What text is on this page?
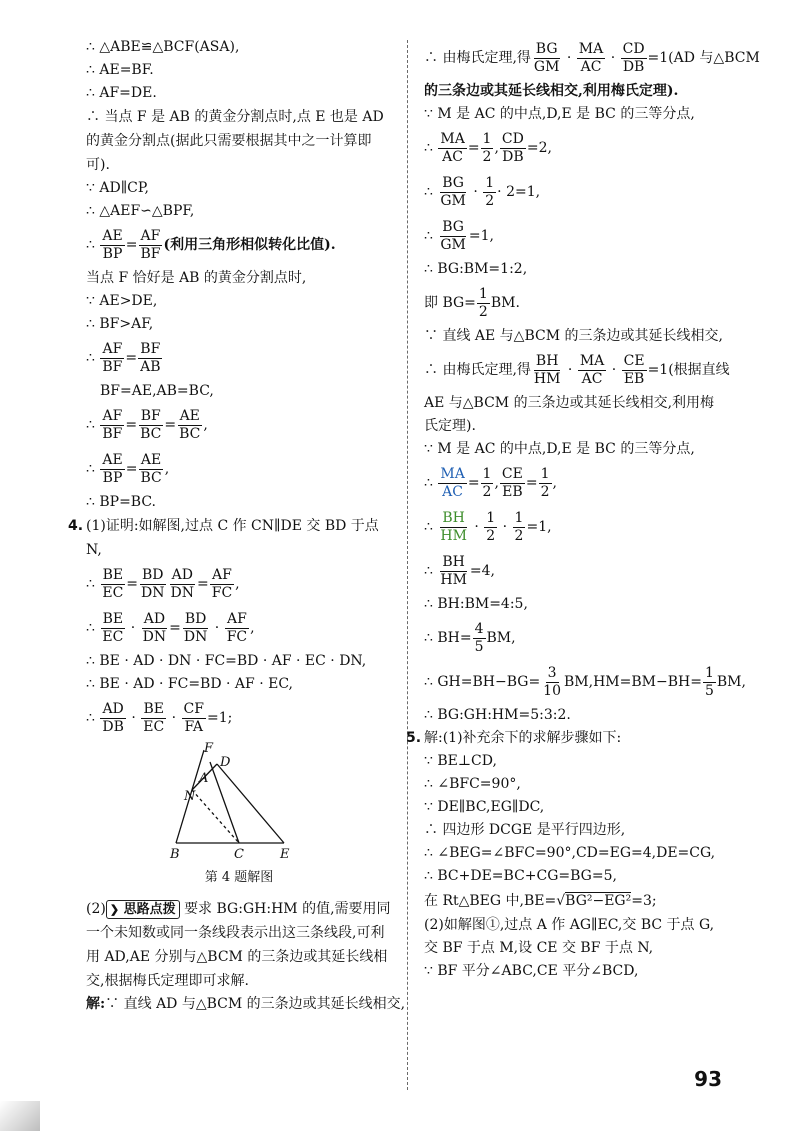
∴ △ABE≌△BCF(ASA),
∴ AE=BF.
∴ AF=DE.
∴ 当点 F 是 AB 的黄金分割点时,点 E 也是 AD 的黄金分割点(据此只需要根据其中之一计算即可).
∵ AD∥CP,
∴ △AEF∽△BPF,
∴ $\frac{AE}{BP} = \frac{AF}{BF}$ (利用三角形相似转化比值).
当点 F 恰好是 AB 的黄金分割点时,
∵ AE>DE,
∴ BF>AF,
∴ $\frac{AF}{BF} = \frac{BF}{AB}$
BF=AE,AB=BC,
∴ $\frac{AF}{BF} = \frac{BF}{BC} = \frac{AE}{BC}$ ,
∴ $\frac{AE}{BP} = \frac{AE}{BC}$ ,
∴ BP=BC.
4. (1)证明:如解图,过点 C 作 CN∥DE 交 BD 于点 N,
∴ $\frac{BE}{EC} = \frac{BD}{DN} \frac{AD}{DN} = \frac{AF}{FC}$ ,
∴ $\frac{BE}{EC} \cdot \frac{AD}{DN} = \frac{BD}{DN} \cdot \frac{AF}{FC}$ ,
∴ BE · AD · DN · FC=BD · AF · EC · DN,
∴ BE · AD · FC=BD · AF · EC,
∴ $\frac{AD}{DB} \cdot \frac{BE}{EC} \cdot \frac{CF}{FA} =1$;
F
D
A
N
B	C	E
第 4 题解图
(2) ❯ 思路点拨 要求 BG:GH:HM 的值,需要用同一个未知数或同一条线段表示出这三条线段,可利用 AD,AE 分别与△BCM 的三条边或其延长线相交,根据梅氏定理即可求解.
解:∵ 直线 AD 与△BCM 的三条边或其延长线相交,
∴ 由梅氏定理,得 $\frac{BG}{GM} \cdot \frac{MA}{AC} \cdot \frac{CD}{DB} =1(AD$ 与△BCM
的三条边或其延长线相交,利用梅氏定理).
∵ M 是 AC 的中点,D,E 是 BC 的三等分点,
∴ $\frac{MA}{AC} = \frac{1}{2}$ , $\frac{CD}{DB} =2$,
∴ $\frac{BG}{GM} \cdot \frac{1}{2} \cdot 2=1$,
∴ $\frac{BG}{GM} =1$,
∴ BG:BM=1:2,
即 $BG= \frac{1}{2}$ BM.
∵ 直线 AE 与△BCM 的三条边或其延长线相交,
∴ 由梅氏定理,得 $\frac{BH}{HM} \cdot \frac{MA}{AC} \cdot \frac{CE}{EB} =1$(根据直线
AE 与△BCM 的三条边或其延长线相交,利用梅氏定理).
∵ M 是 AC 的中点,D,E 是 BC 的三等分点,
∴ $\frac{MA}{AC} = \frac{1}{2}$ , $\frac{CE}{EB} = \frac{1}{2}$ ,
∴ $\frac{BH}{HM} \cdot \frac{1}{2} \cdot \frac{1}{2} =1$,
∴ $\frac{BH}{HM} =4$,
∴ BH:BM=4:5,
∴ $BH= \frac{4}{5}$ BM,
∴ $GH=BH-BG= \frac{3}{10} BM,HM=BM-BH= \frac{1}{5}$ BM,
∴ BG:GH:HM=5:3:2.
5. 解:(1)补充余下的求解步骤如下:
∵ BE⊥CD,
∴ ∠BFC=90°,
∵ DE∥BC,EG∥DC,
∴ 四边形 DCGE 是平行四边形,
∴ ∠BEG=∠BFC=90°,CD=EG=4,DE=CG,
∴ BC+DE=BC+CG=BG=5,
在 Rt△BEG 中,BE=√BG²−EG²=3;
(2)如解图①,过点 A 作 AG∥EC,交 BC 于点 G,交 BF 于点 M,设 CE 交 BF 于点 N,
∵ BF 平分∠ABC,CE 平分∠BCD,
93
